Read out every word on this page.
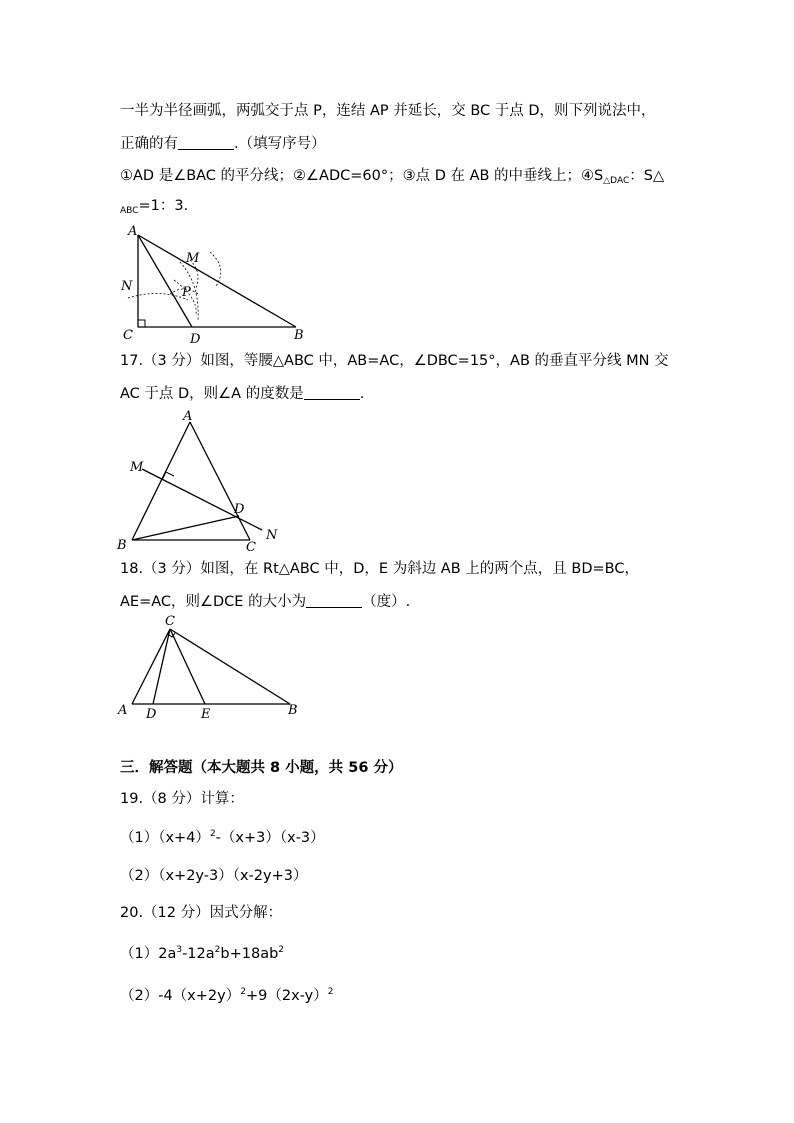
一半为半径画弧，两弧交于点 P，连结 AP 并延长，交 BC 于点 D，则下列说法中，
正确的有	.（填写序号）
①AD 是∠BAC 的平分线；②∠ADC=60°；③点 D 在 AB 的中垂线上；$④S_{\triangle DAC}$：S△
$_{ABC}$=1：3.
A
M
N	P
C	D	B
17.（3 分）如图，等腰△ABC 中，AB=AC，∠DBC=15°，AB 的垂直平分线 MN 交
AC 于点 D，则∠A 的度数是	.
A
M
D
N
B	C
18.（3 分）如图，在 Rt△ABC 中，D，E 为斜边 AB 上的两个点，且 BD=BC，
AE=AC，则∠DCE 的大小为	（度）.
C
A D	E	B
三．解答题（本大题共 8 小题，共 56 分）
19.（8 分）计算：
$(1)(x+4)^2-(x+3)(x-3)$
（2）（x+2y-3）（x-2y+3）
20.（12 分）因式分解：
$(1)2a^3-12a^2b+18ab^2$
$(2)-4(x+2y)^2+9(2x-y)^2$
